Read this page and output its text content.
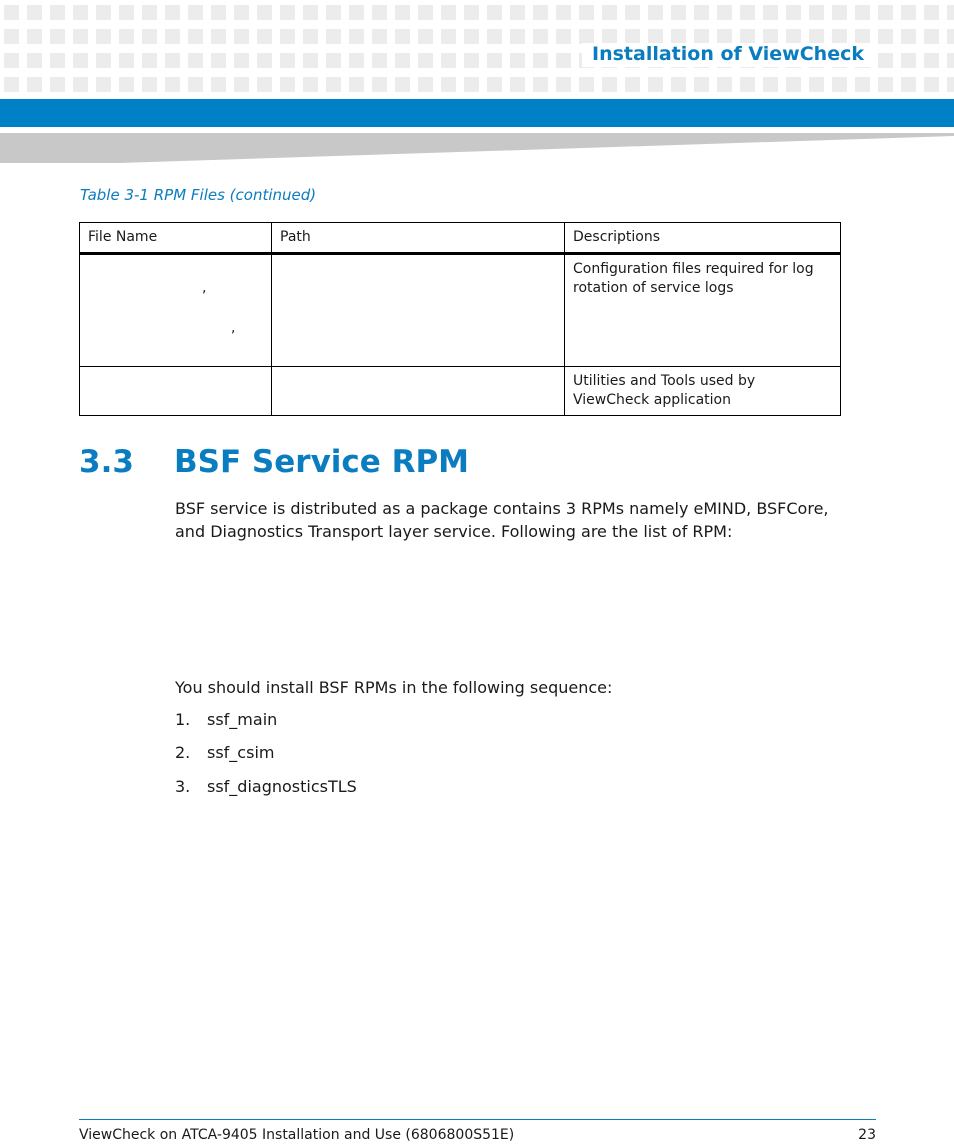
Installation of ViewCheck
Table 3-1 RPM Files (continued)
File Name	Path	Descriptions
		Configuration files required for log rotation of service logs
		Utilities and Tools used by ViewCheck application
,
,
3.3 BSF Service RPM
BSF service is distributed as a package contains 3 RPMs namely eMIND, BSFCore, and Diagnostics Transport layer service. Following are the list of RPM:
You should install BSF RPMs in the following sequence:
1. ssf_main
2. ssf_csim
3. ssf_diagnosticsTLS
ViewCheck on ATCA-9405 Installation and Use (6806800S51E)	23
